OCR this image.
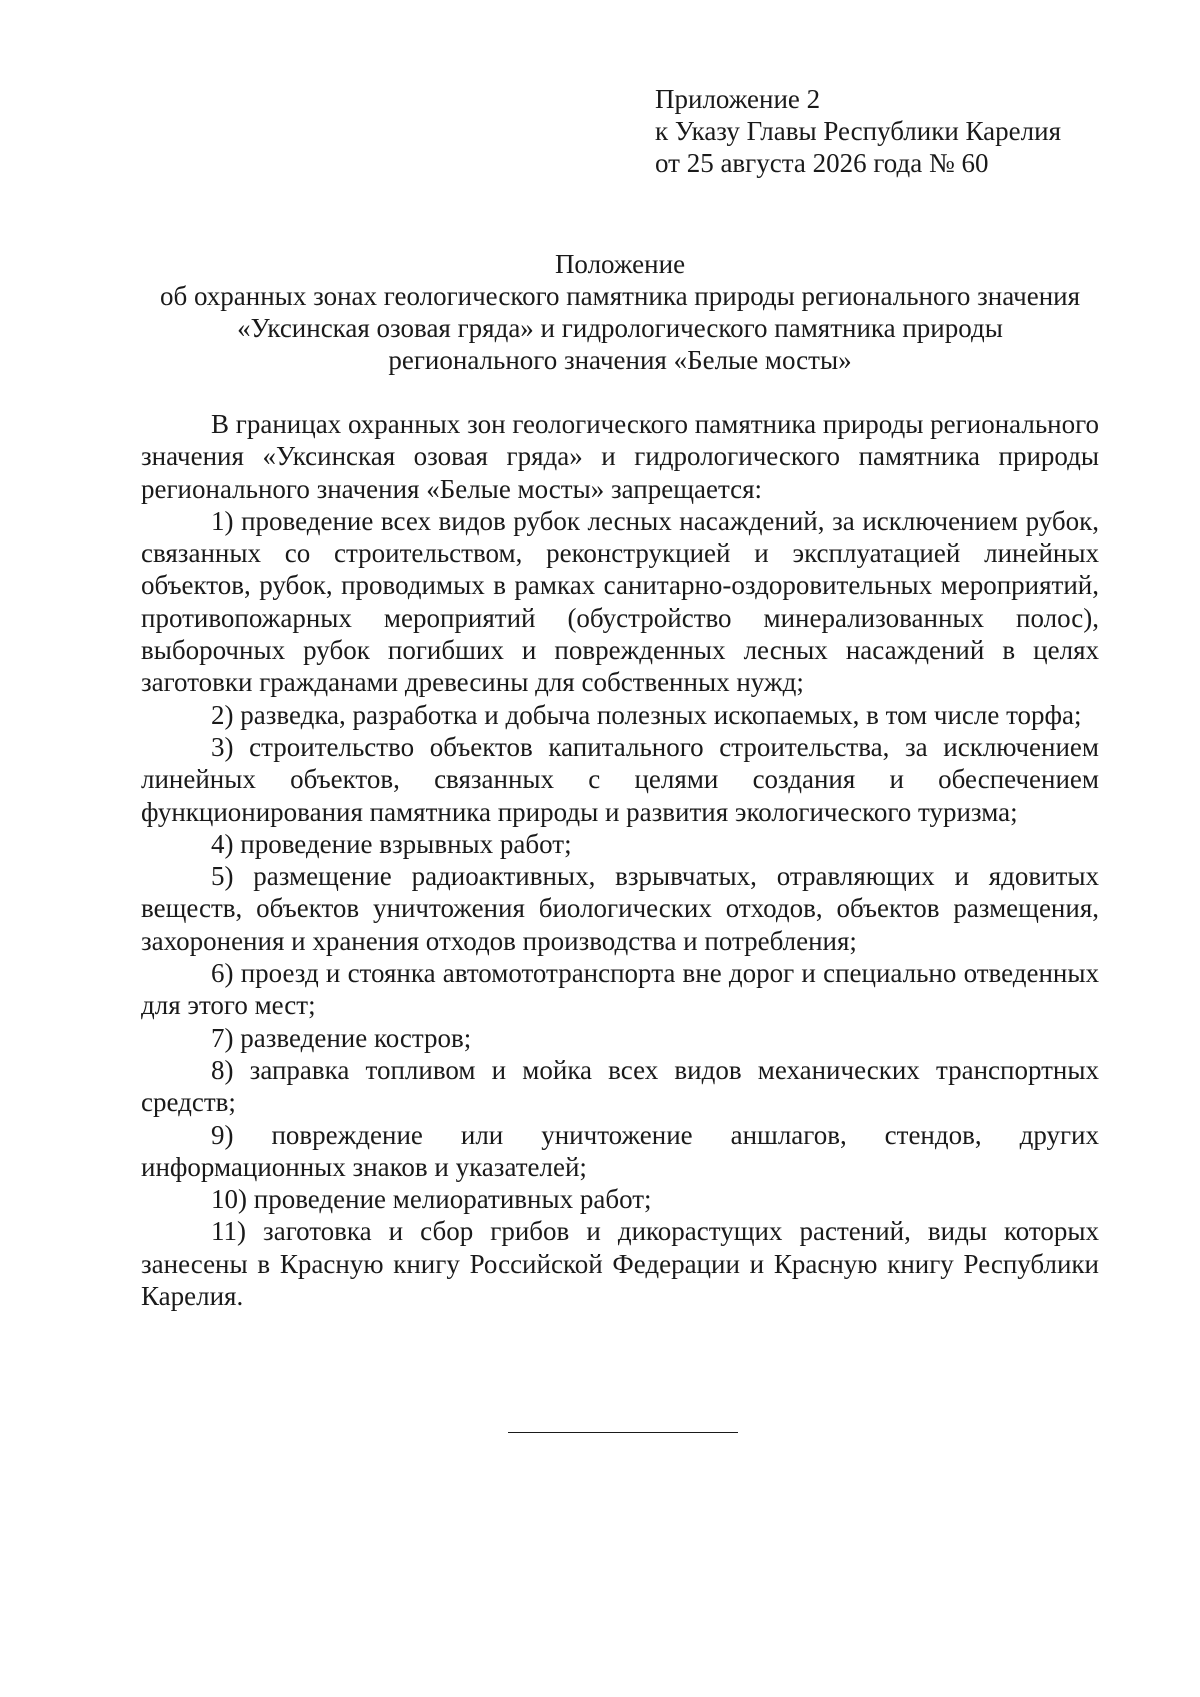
Приложение 2
к Указу Главы Республики Карелия
от 25 августа 2026 года № 60
Положение
об охранных зонах геологического памятника природы регионального значения «Уксинская озовая гряда» и гидрологического памятника природы регионального значения «Белые мосты»

В границах охранных зон геологического памятника природы регионального значения «Уксинская озовая гряда» и гидрологического памятника природы регионального значения «Белые мосты» запрещается:

1) проведение всех видов рубок лесных насаждений, за исключением рубок, связанных со строительством, реконструкцией и эксплуатацией линейных объектов, рубок, проводимых в рамках санитарно-оздоровительных мероприятий, противопожарных мероприятий (обустройство минерализованных полос), выборочных рубок погибших и поврежденных лесных насаждений в целях заготовки гражданами древесины для собственных нужд;

2) разведка, разработка и добыча полезных ископаемых, в том числе торфа;

3) строительство объектов капитального строительства, за исключением линейных объектов, связанных с целями создания и обеспечением функционирования памятника природы и развития экологического туризма;

4) проведение взрывных работ;

5) размещение радиоактивных, взрывчатых, отравляющих и ядовитых веществ, объектов уничтожения биологических отходов, объектов размещения, захоронения и хранения отходов производства и потребления;

6) проезд и стоянка автомототранспорта вне дорог и специально отведенных для этого мест;

7) разведение костров;

8) заправка топливом и мойка всех видов механических транспортных средств;

9) повреждение или уничтожение аншлагов, стендов, других информационных знаков и указателей;

10) проведение мелиоративных работ;

11) заготовка и сбор грибов и дикорастущих растений, виды которых занесены в Красную книгу Российской Федерации и Красную книгу Республики Карелия.
